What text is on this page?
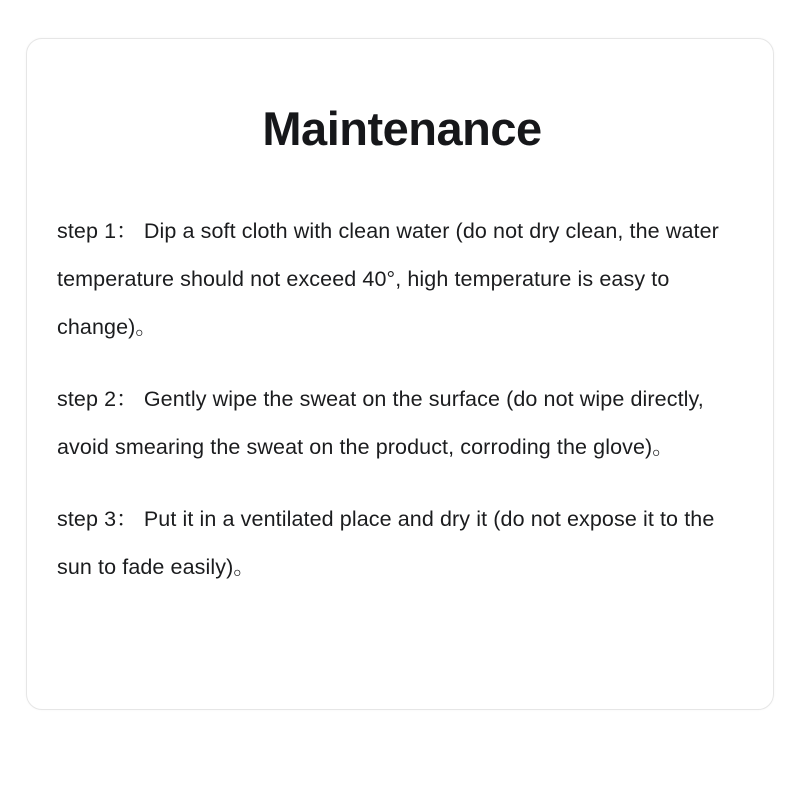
Maintenance

step 1： Dip a soft cloth with clean water (do not dry clean, the water temperature should not exceed 40°, high temperature is easy to change)。

step 2： Gently wipe the sweat on the surface (do not wipe directly, avoid smearing the sweat on the product, corroding the glove)。

step 3： Put it in a ventilated place and dry it (do not expose it to the sun to fade easily)。
